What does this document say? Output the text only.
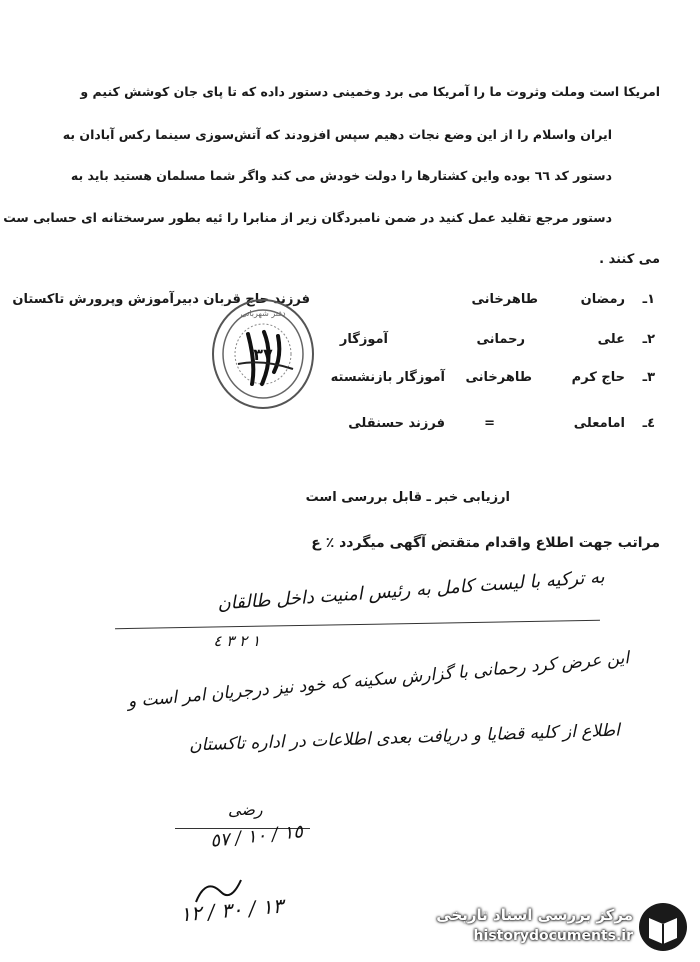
امریکا است وملت وثروت ما را آمریکا می برد وخمینی دستور داده که تا پای جان کوشش کنیم و
ایران واسلام را از این وضع نجات دهیم سپس افزودند که آتش‌سوزی سینما رکس آبادان به
دستور کد ٦٦ بوده واین کشتارها را دولت خودش می کند واگر شما مسلمان هستید باید به
دستور مرجع تقلید عمل کنید در ضمن نامبردگان زیر از منابرا را ئیه بطور سرسختانه ای حسابی ست
می کنند .
١ـ
رمضان
طاهرخانی
فرزند حاج قربان دبیرآموزش وپرورش تاکستان
٢ـ
علی
رحمانی
آموزگار
٣ـ
حاج کرم
طاهرخانی
آموزگار بازنشسته
٤ـ
امامعلی
=
فرزند حسنقلی
دفتر شهربانی
٣٧
ارزیابی خبر ـ قابل بررسی است
مراتب جهت اطلاع واقدام متقتض آگهی میگردد ٪ ع
به ترکیه با لیست کامل به رئیس امنیت داخل طالقان
١ ٢ ٣ ٤
این عرض کرد رحمانی با گزارش سکینه که خود نیز درجریان امر است و
اطلاع از کلیه قضایا و دریافت بعدی اطلاعات در اداره تاکستان
رضی
١٥ / ١٠ / ٥٧
١٣ / ٣٠ / ١٢	مرکز بررسی اسناد تاریخی
historydocuments.ir
